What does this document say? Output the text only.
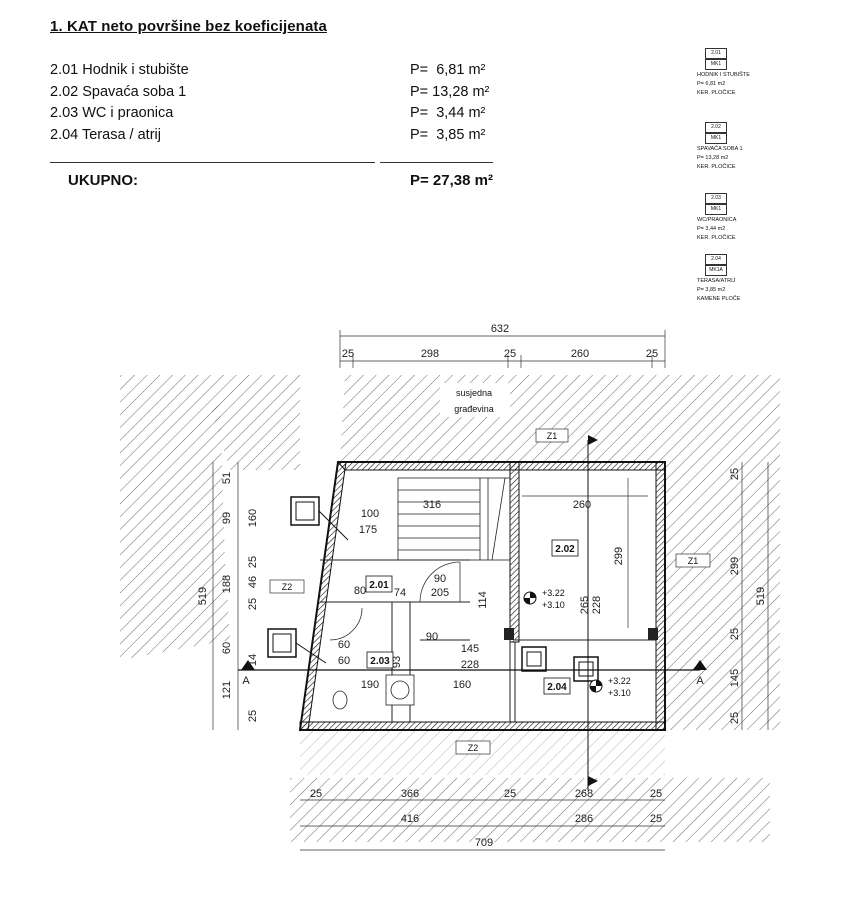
1. KAT neto površine bez koeficijenata
2.01 Hodnik i stubište	P=  6,81 m²
2.02 Spavaća soba 1	P= 13,28 m²
2.03 WC i praonica	P=  3,44 m²
2.04 Terasa / atrij	P=  3,85 m²
UKUPNO:	P= 27,38 m²
2.01
MK1
HODNIK I STUBIŠTE
P= 6,81 m2
KER. PLOČICE
2.02
MK1
SPAVAĆA SOBA 1
P= 13,28 m2
KER. PLOČICE
2.03
MK1
WC/PRAONICA
P= 3,44 m2
KER. PLOČICE
2.04
MK1A
TERASA/ATRIJ
P= 3,85 m2
KAMENE PLOČE
susjedna
građevina
A	A
+3.22
+3.10
+3.22
+3.10
2.02
2.01
2.03
2.04
316	260
299
228
265
114
145
228
190	160
90
205
80	74
90
93
60
60
100
175
Z1
Z1
Z2
Z2
632
25	298	25	260	25
25	366	25	268	25
416	286	25
709
51
99 160
25
46
25
188
60
14
121
25
519
25
299
25
145
25
519
